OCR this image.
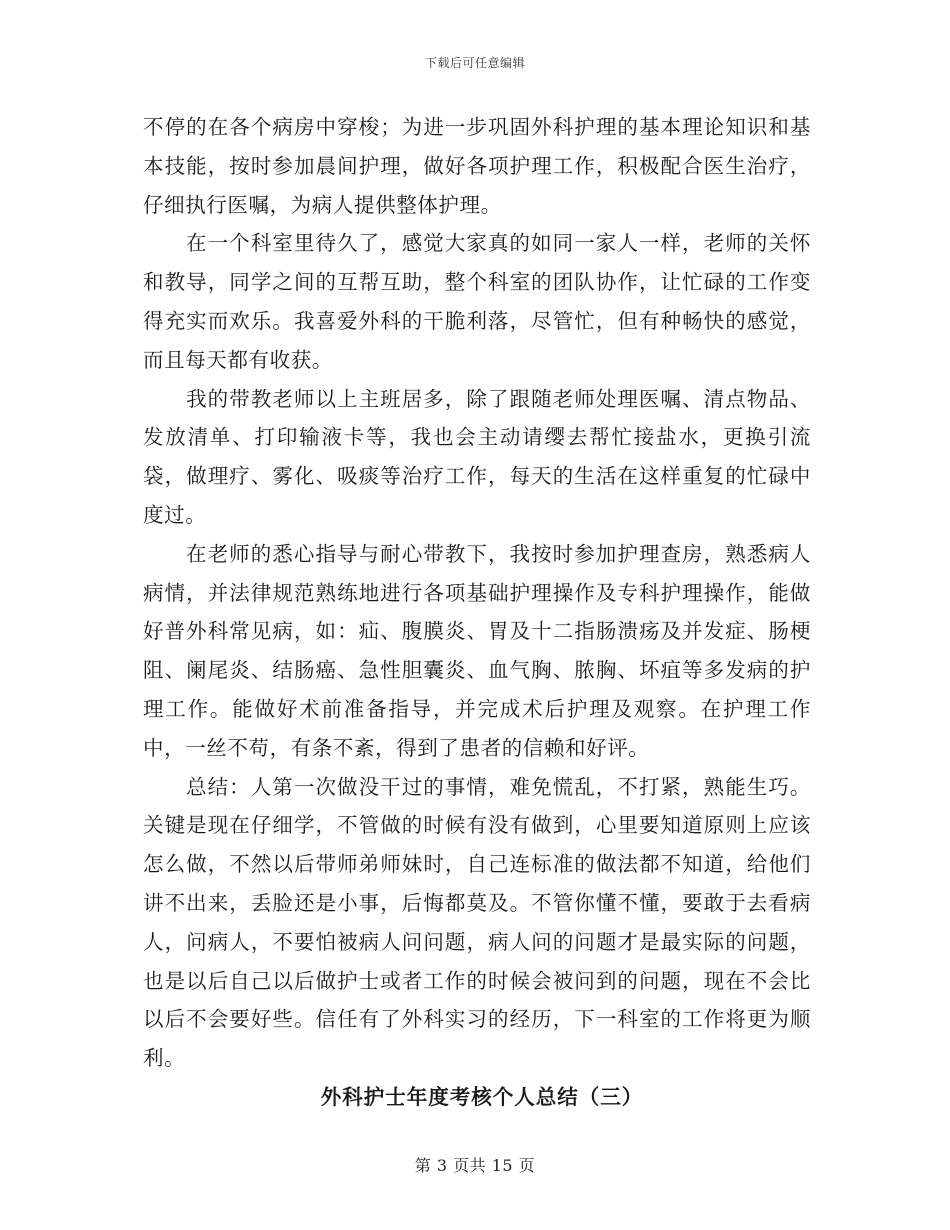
下载后可任意编辑

不停的在各个病房中穿梭；为进一步巩固外科护理的基本理论知识和基本技能，按时参加晨间护理，做好各项护理工作，积极配合医生治疗，仔细执行医嘱，为病人提供整体护理。

在一个科室里待久了，感觉大家真的如同一家人一样，老师的关怀和教导，同学之间的互帮互助，整个科室的团队协作，让忙碌的工作变得充实而欢乐。我喜爱外科的干脆利落，尽管忙，但有种畅快的感觉，而且每天都有收获。

我的带教老师以上主班居多，除了跟随老师处理医嘱、清点物品、发放清单、打印输液卡等，我也会主动请缨去帮忙接盐水，更换引流袋，做理疗、雾化、吸痰等治疗工作，每天的生活在这样重复的忙碌中度过。

在老师的悉心指导与耐心带教下，我按时参加护理查房，熟悉病人病情，并法律规范熟练地进行各项基础护理操作及专科护理操作，能做好普外科常见病，如：疝、腹膜炎、胃及十二指肠溃疡及并发症、肠梗阻、阑尾炎、结肠癌、急性胆囊炎、血气胸、脓胸、坏疽等多发病的护理工作。能做好术前准备指导，并完成术后护理及观察。在护理工作中，一丝不苟，有条不紊，得到了患者的信赖和好评。

总结：人第一次做没干过的事情，难免慌乱，不打紧，熟能生巧。关键是现在仔细学，不管做的时候有没有做到，心里要知道原则上应该怎么做，不然以后带师弟师妹时，自己连标准的做法都不知道，给他们讲不出来，丢脸还是小事，后悔都莫及。不管你懂不懂，要敢于去看病人，问病人，不要怕被病人问问题，病人问的问题才是最实际的问题，也是以后自己以后做护士或者工作的时候会被问到的问题，现在不会比以后不会要好些。信任有了外科实习的经历，下一科室的工作将更为顺利。

外科护士年度考核个人总结（三）

第 3 页共 15 页
